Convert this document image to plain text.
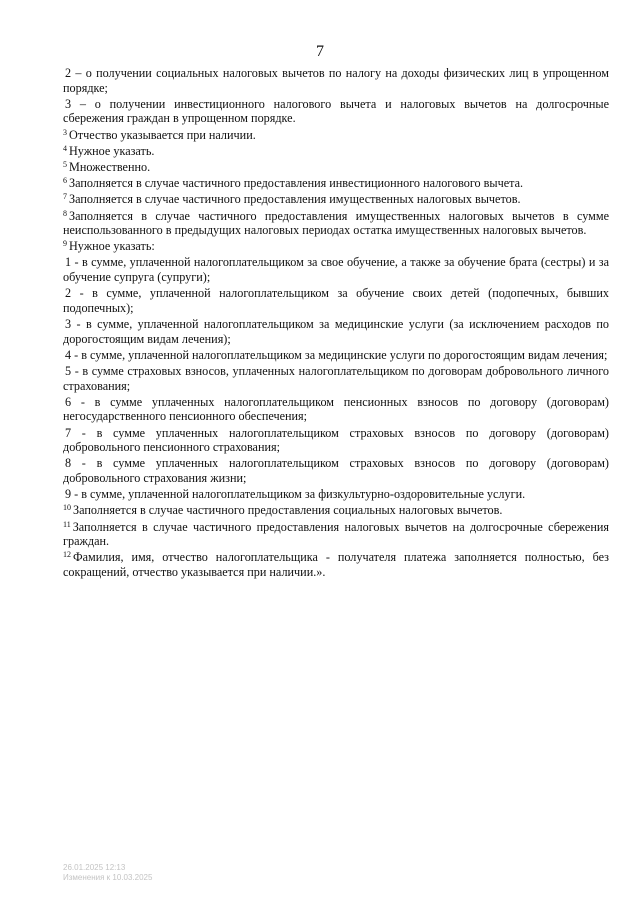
7

2 – о получении социальных налоговых вычетов по налогу на доходы физических лиц в упрощенном порядке;

3 – о получении инвестиционного налогового вычета и налоговых вычетов на долгосрочные сбережения граждан в упрощенном порядке.

$^3$ Отчество указывается при наличии.

$^4$ Нужное указать.

$^5$ Множественно.

$^6$ Заполняется в случае частичного предоставления инвестиционного налогового вычета.

$^7$ Заполняется в случае частичного предоставления имущественных налоговых вычетов.

$^8$ Заполняется в случае частичного предоставления имущественных налоговых вычетов в сумме неиспользованного в предыдущих налоговых периодах остатка имущественных налоговых вычетов.

$^9$ Нужное указать:

1 - в сумме, уплаченной налогоплательщиком за свое обучение, а также за обучение брата (сестры) и за обучение супруга (супруги);

2 - в сумме, уплаченной налогоплательщиком за обучение своих детей (подопечных, бывших подопечных);

3 - в сумме, уплаченной налогоплательщиком за медицинские услуги (за исключением расходов по дорогостоящим видам лечения);

4 - в сумме, уплаченной налогоплательщиком за медицинские услуги по дорогостоящим видам лечения;

5 - в сумме страховых взносов, уплаченных налогоплательщиком по договорам добровольного личного страхования;

6 - в сумме уплаченных налогоплательщиком пенсионных взносов по договору (договорам) негосударственного пенсионного обеспечения;

7 - в сумме уплаченных налогоплательщиком страховых взносов по договору (договорам) добровольного пенсионного страхования;

8 - в сумме уплаченных налогоплательщиком страховых взносов по договору (договорам) добровольного страхования жизни;

9 - в сумме, уплаченной налогоплательщиком за физкультурно-оздоровительные услуги.

$^{10}$ Заполняется в случае частичного предоставления социальных налоговых вычетов.

$^{11}$ Заполняется в случае частичного предоставления налоговых вычетов на долгосрочные сбережения граждан.

$^{12}$ Фамилия, имя, отчество налогоплательщика - получателя платежа заполняется полностью, без сокращений, отчество указывается при наличии.».

26.01.2025 12:13
Изменения к 10.03.2025
